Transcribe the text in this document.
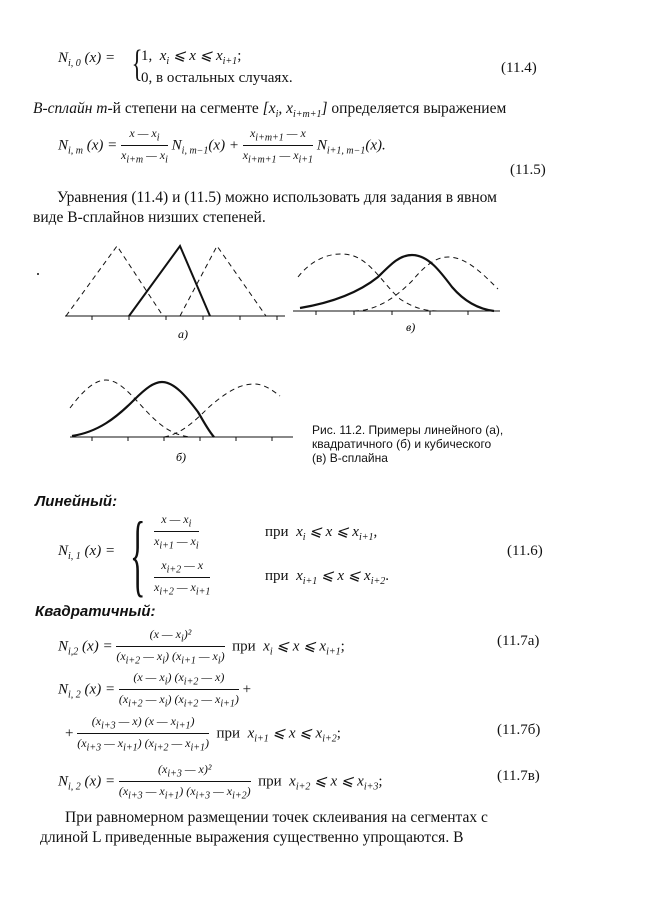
$N_{i, 0}$ (x) = {
1, $x_i$ ⩽ x ⩽ $x_{i+1}$;
0, в остальных случаях.
(11.4)
B-сплайн m-й степени на сегменте [$x_i$, $x_{i+m+1}$] определяется выражением
$N_{i, m}$ $(x) = \frac{x — x_i}{x_{i+m} — x_i} N_{i, m-1}(x) + \frac{x_{i+m+1} — x}{x_{i+m+1} — x_{i+1}} N_{i+1, m-1}(x)$.
(11.5)
Уравнения (11.4) и (11.5) можно использовать для задания в явном
виде B-сплайнов низших степеней.
а)	в)
б)
Рис. 11.2. Примеры линейного (а),
квадратичного (б) и кубического
(в) B-сплайна
Линейный:
$N_{i, 1}$ (x) = { $\frac{x — x_i}{x_{i+1} — x_i}$	при $x_i$ ⩽ x ⩽ $x_{i+1}$,
$\frac{x_{i+2} — x}{x_{i+2} — x_{i+1}}$	при $x_{i+1}$ ⩽ x ⩽ $x_{i+2}$.
(11.6)
Квадратичный:
$N_{i,2}$ $(x) = \frac{(x — x_i)^2}{(x_{i+2} — x_i) (x_{i+1} — x_i)}$ при $x_i$ ⩽ x ⩽ $x_{i+1}$;	(11.7а)
$N_{i, 2}$ $(x) = \frac{(x — x_i) (x_{i+2} — x)}{(x_{i+2} — x_i) (x_{i+2} — x_{i+1})}$ +
+ $\frac{(x_{i+3} — x) (x — x_{i+1})}{(x_{i+3} — x_{i+1}) (x_{i+2} — x_{i+1})}$ при $x_{i+1}$ ⩽ x ⩽ $x_{i+2}$;	(11.7б)
$N_{i, 2}$ $(x) = \frac{(x_{i+3} — x)^2}{(x_{i+3} — x_{i+1}) (x_{i+3} — x_{i+2})}$ при $x_{i+2}$ ⩽ x ⩽ $x_{i+3}$;	(11.7в)
При равномерном размещении точек склеивания на сегментах с
длиной L приведенные выражения существенно упрощаются. В
